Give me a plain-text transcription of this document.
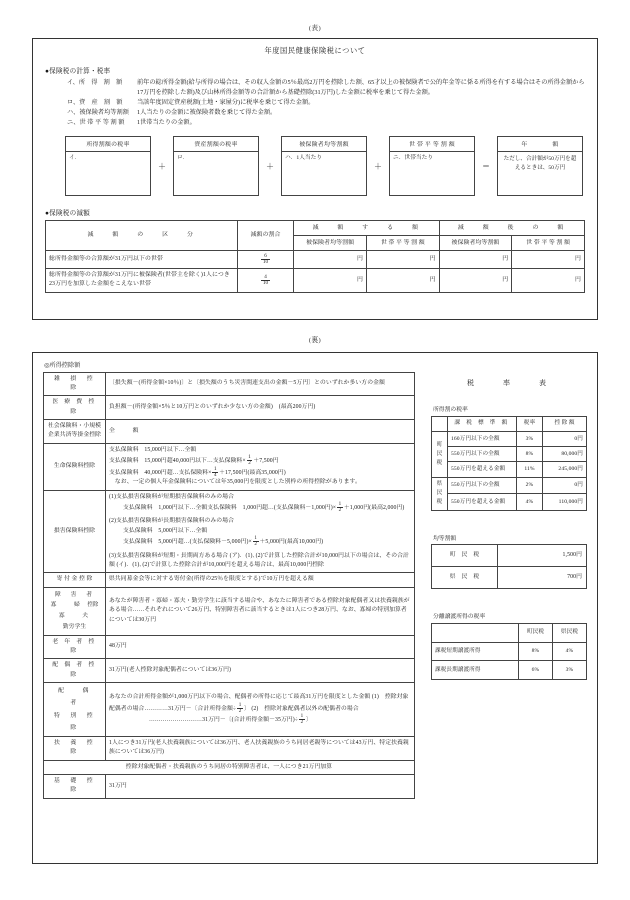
(表)
年度国民健康保険税について
●保険税の計算・税率
イ、所　得　割　額	前年の総所得金額(給与所得の場合は、その収入金額の5％最高2万円を控除した額、65才以上の被保険者で公的年金等に係る所得を有する場合はその所得金額から17万円を控除した額)及び山林所得金額等の合計額から基礎控除(31万円)した金額に税率を乗じて得た金額。
ロ、資　産　割　額	当該年度固定資産税額(土地・家屋分)に税率を乗じて得た金額。
ハ、被保険者均等割額	1人当たりの金額に被保険者数を乗じて得た金額。
ニ、世 帯 平 等 割 額	1世帯当たりの金額。
所得割額の税率
イ.
＋
資産割額の税率
ロ.
＋
被保険者均等割額
ハ．1人当たり
＋
世 帯 平 等 割 額
ニ．世帯当たり
＝
年　　　　額
ただし、合計額が50万円を超えるときは、50万円
●保険税の減額
減　　額　　の　　区　　分	減額の割合	減　　額　　す　　る　　額		減　　額　　後　　の　　額	
		被保険者均等割額	世 帯 平 等 割 額	被保険者均等割額	世 帯 平 等 割 額
総所得金額等の合算額が31万円以下の世帯	$\frac{6}{10}$	円	円	円	円
総所得金額等の合算額が31万円に被保険者(世帯主を除く)1人につき23万円を加算した金額をこえない世帯	$\frac{4}{10}$	円	円	円	円
(裏)
◎所得控除額
雑　損　控　除	〔損失額－(所得金額×10％)〕と〔損失額のうち災害関連支出の金額－5万円〕とのいずれか多い方の金額
医 療 費 控 除	負担額－(所得金額×5％と10万円とのいずれか少ない方の金額)　(最高200万円)
社会保険料・小規模企業共済等掛金控除	全　　　額
生命保険料控除	支払保険料　15,000円以下…全額
支払保険料　15,000円超40,000円以下…支払保険料× $\frac{1}{2} +7,500$円
支払保険料　40,000円超…支払保険料× $\frac{1}{4} +17,500$円(最高35,000円)
　なお、一定の個人年金保険料については年35,000円を限度とした別枠の所得控除があります。
損害保険料控除	(1)支払損害保険料が短期損害保険料のみの場合
支払保険料　1,000円以下…全額支払保険料　1,000円超…(支払保険料－1,000円)× $\frac{1}{2} +1,000$円(最高2,000円)
(2)支払損害保険料が長期損害保険料のみの場合
支払保険料　5,000円以下…全額
支払保険料　5,000円超…(支払保険料－5,000円)× $\frac{1}{2} +5,000$円(最高10,000円)
(3)支払損害保険料が短期・長期両方ある場合 (ア)．(1)､(2)で計算した控除合計が10,000円以下の場合は、その合計額 (イ)．(1)､(2)で計算した控除合計が10,000円を超える場合は、最高10,000円控除
寄 付 金 控 除	県共同募金会等に対する寄付金(所得の25％を限度とする)で10万円を超える額
障　害　者
寡　　婦　控除
寡　　夫
勤労学生	あなたが障害者・寡婦・寡夫・勤労学生に該当する場合や、あなたに障害者である控除対象配偶者又は扶養親族がある場合……それぞれについて26万円、特別障害者に該当するときは1人につき28万円、なお、寡婦の特別加算者については30万円
老 年 者 控 除	48万円
配 偶 者 控 除	31万円(老人控除対象配偶者については36万円)
配　　偶　　者
特　別　控　除	あなたの合計所得金額が1,000万円以下の場合、配偶者の所得に応じて最高31万円を限度とした金額 (1)　控除対象配偶者の場合…………31万円－〔合計所得金額÷ $\frac{1}{2}$ 〕 (2)　控除対象配偶者以外の配偶者の場合
………………………31万円－〔(合計所得金額－35万円)÷ $\frac{1}{2}$ 〕

扶　養　控　除	1人につき31万円(老人扶養親族については36万円、老人扶養親族のうち同居老親等については43万円、特定扶養親族については36万円)
控除対象配偶者・扶養親族のうち同居の特別障害者は、一人につき21万円加算	
基　礎　控　除	31万円
税　　率　　表
所得割の税率
	課 税 標 準 額	税率	控 除 額
町
民
税	160万円以下の全額	3%	0円
	550万円以下の全額	8%	80,000円
	550万円を超える金額	11%	245,000円
県
民
税	550万円以下の全額	2%	0円
	550万円を超える金額	4%	110,000円
均等割額
町　民　税	1,500円
県　民　税	700円
分離譲渡所得の税率
	町民税	県民税
課税短期譲渡所得	8%	4%
課税長期譲渡所得	6%	3%
